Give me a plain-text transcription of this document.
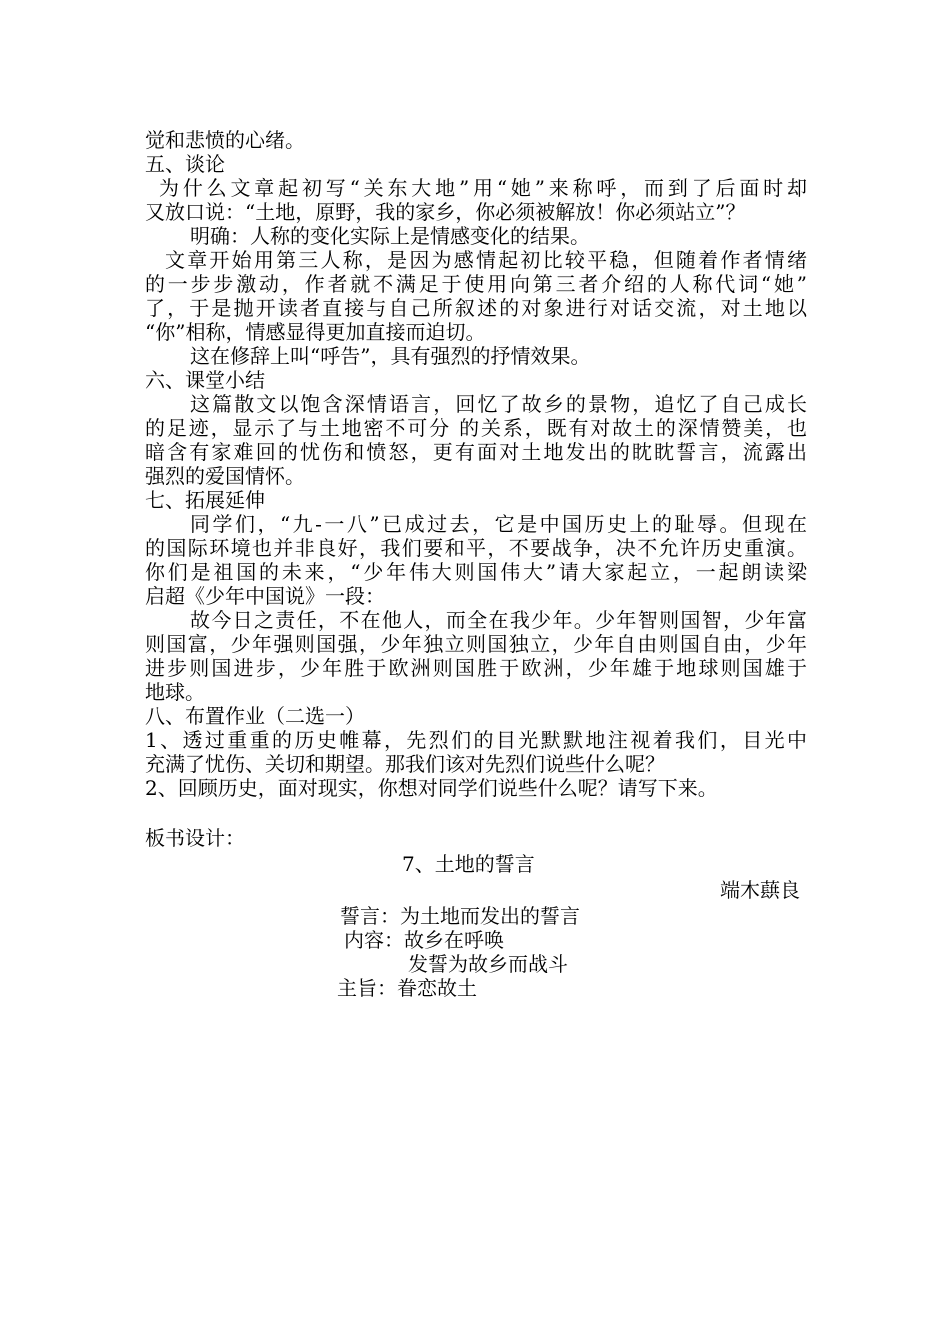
觉和悲愤的心绪。
五、谈论
为什么文章起初写“关东大地”用“她”来称呼，而到了后面时却
又放口说：“土地，原野，我的家乡，你必须被解放！你必须站立”？
明确：人称的变化实际上是情感变化的结果。
文章开始用第三人称，是因为感情起初比较平稳，但随着作者情绪
的一步步激动，作者就不满足于使用向第三者介绍的人称代词“她”
了，于是抛开读者直接与自己所叙述的对象进行对话交流，对土地以
“你”相称，情感显得更加直接而迫切。
这在修辞上叫“呼告”，具有强烈的抒情效果。
六、课堂小结
这篇散文以饱含深情语言，回忆了故乡的景物，追忆了自己成长
的足迹，显示了与土地密不可分 的关系，既有对故土的深情赞美，也
暗含有家难回的忧伤和愤怒，更有面对土地发出的眈眈誓言，流露出
强烈的爱国情怀。
七、拓展延伸
同学们，“九-一八”已成过去，它是中国历史上的耻辱。但现在
的国际环境也并非良好，我们要和平，不要战争，决不允许历史重演。
你们是祖国的未来，“少年伟大则国伟大”请大家起立，一起朗读梁
启超《少年中国说》一段：
故今日之责任，不在他人，而全在我少年。少年智则国智，少年富
则国富，少年强则国强，少年独立则国独立，少年自由则国自由，少年
进步则国进步，少年胜于欧洲则国胜于欧洲，少年雄于地球则国雄于
地球。
八、布置作业（二选一）
1、透过重重的历史帷幕，先烈们的目光默默地注视着我们，目光中
充满了忧伤、关切和期望。那我们该对先烈们说些什么呢？
2、回顾历史，面对现实，你想对同学们说些什么呢？请写下来。
板书设计：
7、土地的誓言
端木蕻良
誓言：为土地而发出的誓言
内容：故乡在呼唤
发誓为故乡而战斗
主旨：眷恋故土
